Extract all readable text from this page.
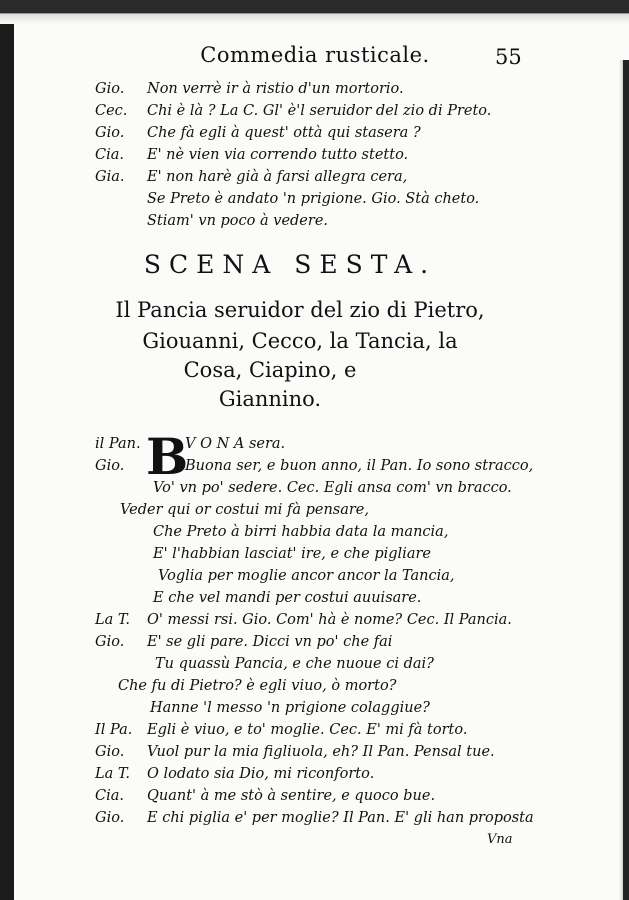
Commedia rusticale.	55
Gio. Non verrè ir à ristio d'un mortorio.
Cec. Chi è là ? La C. Gl' è'l seruidor del zio di Preto.
Gio. Che fà egli à quest' ottà qui stasera ?
Cia. E' nè vien via correndo tutto stetto.
Gia. E' non harè già à farsi allegra cera,
Se Preto è andato 'n prigione. Gio. Stà cheto.
Stiam' vn poco à vedere.
SCENA SESTA.
Il Pancia seruidor del zio di Pietro,
Giouanni, Cecco, la Tancia, la
Cosa, Ciapino, e
Giannino.
B
il Pan.	V O N A sera.
Gio.	Buona ser, e buon anno, il Pan. Io sono stracco,
Vo' vn po' sedere. Cec. Egli ansa com' vn bracco.
Veder qui or costui mi fà pensare,
Che Preto à birri habbia data la mancia,
E' l'habbian lasciat' ire, e che pigliare
Voglia per moglie ancor ancor la Tancia,
E che vel mandi per costui auuisare.
La T. O' messi rsi. Gio. Com' hà è nome? Cec. Il Pancia.
Gio. E' se gli pare. Dicci vn po' che fai
Tu quassù Pancia, e che nuoue ci dai?
Che fu di Pietro? è egli viuo, ò morto?
Hanne 'l messo 'n prigione colaggiue?
Il Pa. Egli è viuo, e to' moglie. Cec. E' mi fà torto.
Gio. Vuol pur la mia figliuola, eh? Il Pan. Pensal tue.
La T. O lodato sia Dio, mi riconforto.
Cia. Quant' à me stò à sentire, e quoco bue.
Gio. E chi piglia e' per moglie? Il Pan. E' gli han proposta
Vna
